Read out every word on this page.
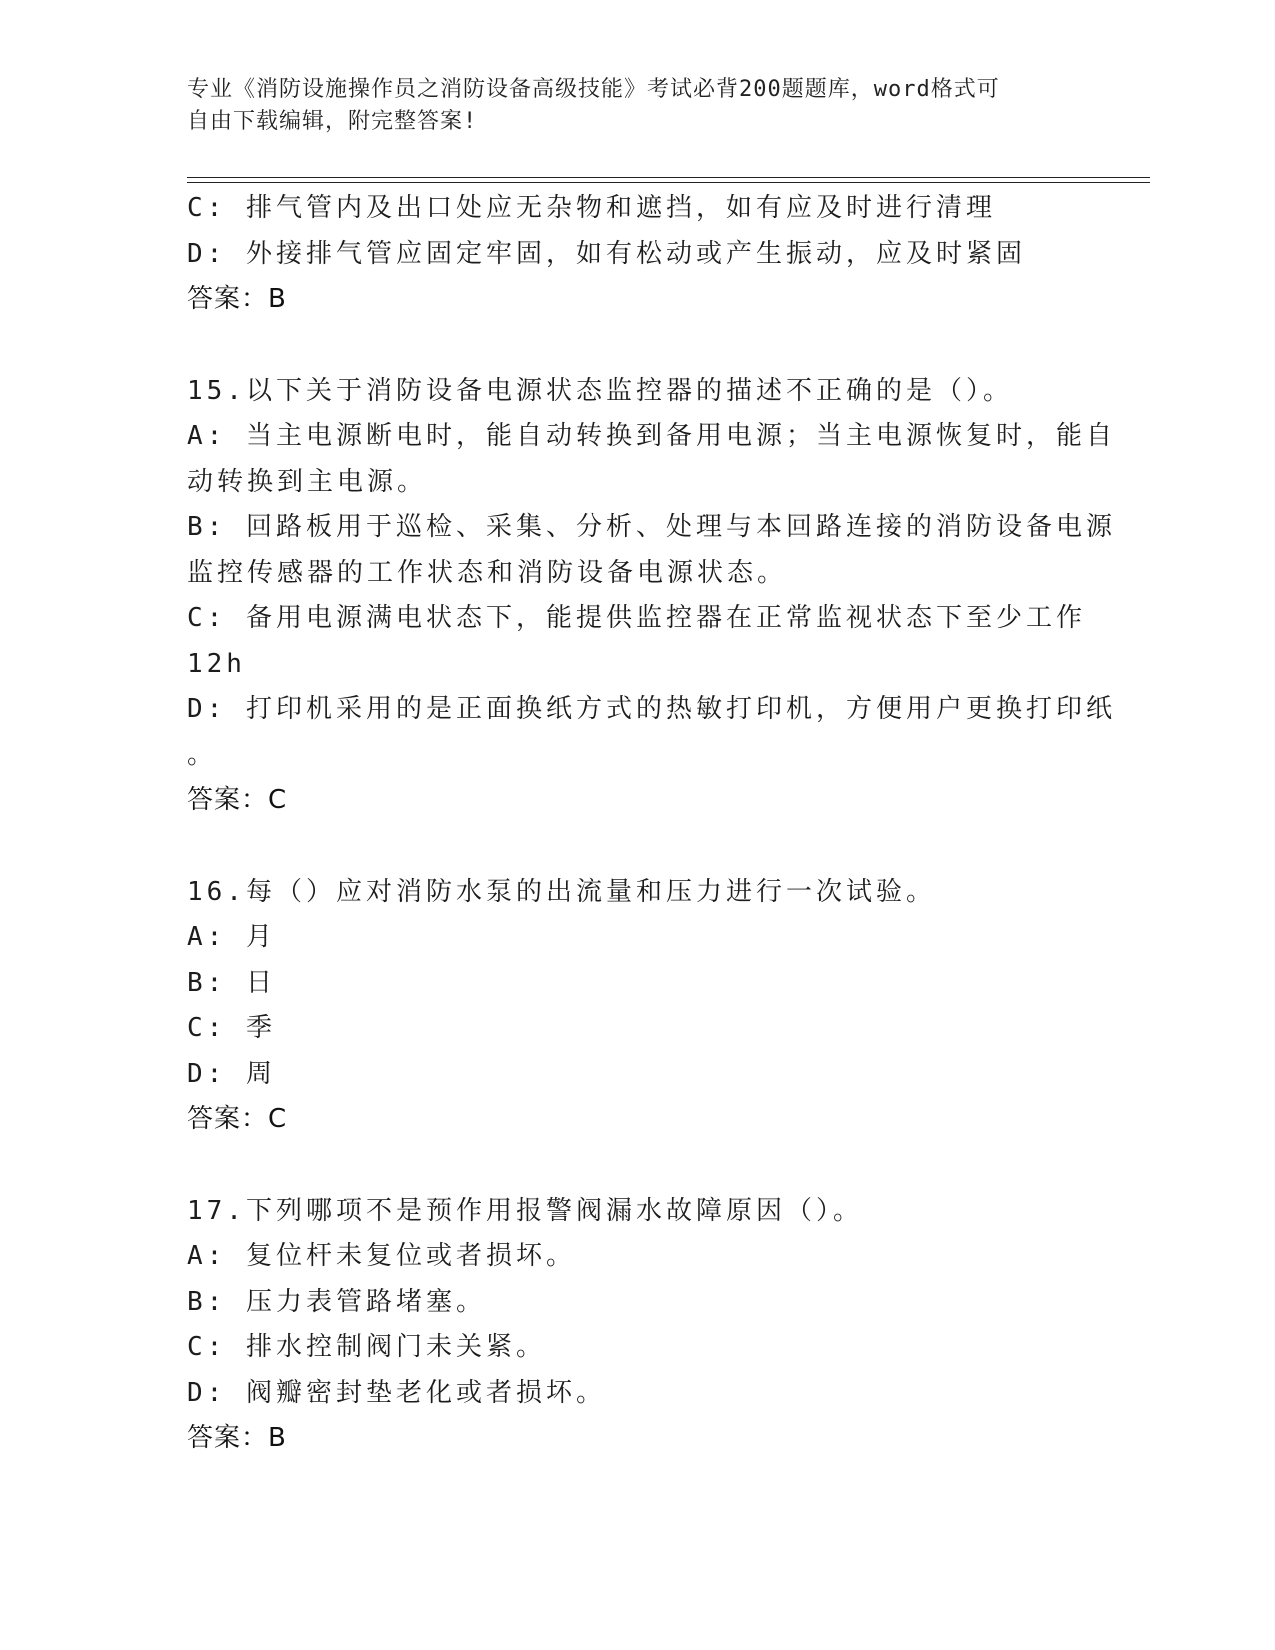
专业《消防设施操作员之消防设备高级技能》考试必背200题题库，word格式可
自由下载编辑，附完整答案!
C: 排气管内及出口处应无杂物和遮挡，如有应及时进行清理
D: 外接排气管应固定牢固，如有松动或产生振动，应及时紧固
答案：B
15.以下关于消防设备电源状态监控器的描述不正确的是（）。
A: 当主电源断电时，能自动转换到备用电源；当主电源恢复时，能自
动转换到主电源。
B: 回路板用于巡检、采集、分析、处理与本回路连接的消防设备电源
监控传感器的工作状态和消防设备电源状态。
C: 备用电源满电状态下，能提供监控器在正常监视状态下至少工作
12h
D: 打印机采用的是正面换纸方式的热敏打印机，方便用户更换打印纸
。
答案：C
16.每（）应对消防水泵的出流量和压力进行一次试验。
A: 月
B: 日
C: 季
D: 周
答案：C
17.下列哪项不是预作用报警阀漏水故障原因（）。
A: 复位杆未复位或者损坏。
B: 压力表管路堵塞。
C: 排水控制阀门未关紧。
D: 阀瓣密封垫老化或者损坏。
答案：B
